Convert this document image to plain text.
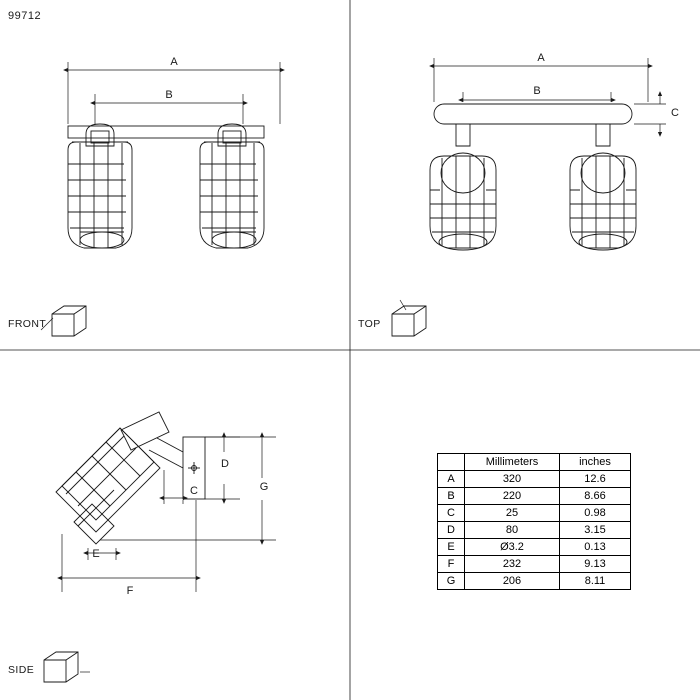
99712
FRONT	TOP
SIDE
A
B
A
B
C
C
D
E
F
G
	Millimeters	inches
A	320	12.6
B	220	8.66
C	25	0.98
D	80	3.15
E	Ø3.2	0.13
F	232	9.13
G	206	8.11
